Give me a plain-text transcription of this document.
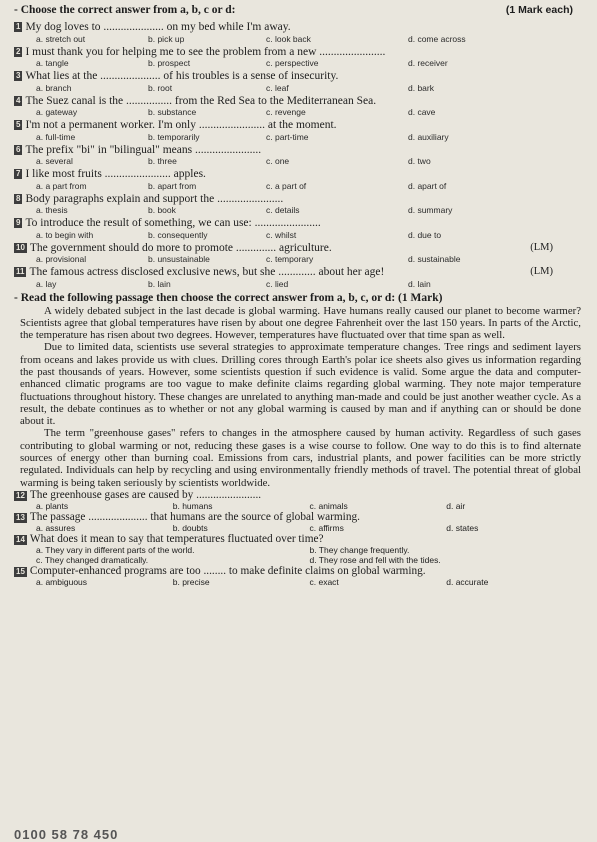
- Choose the correct answer from a, b, c or d:	(1 Mark each)
1 My dog loves to ..................... on my bed while I'm away.
a. stretch out	b. pick up	c. look back	d. come across
2 I must thank you for helping me to see the problem from a new .......................
a. tangle	b. prospect	c. perspective	d. receiver
3 What lies at the ..................... of his troubles is a sense of insecurity.
a. branch	b. root	c. leaf	d. bark
4 The Suez canal is the ................ from the Red Sea to the Mediterranean Sea.
a. gateway	b. substance	c. revenge	d. cave
5 I'm not a permanent worker. I'm only ....................... at the moment.
a. full-time	b. temporarily	c. part-time	d. auxiliary
6 The prefix "bi" in "bilingual" means .......................
a. several	b. three	c. one	d. two
7 I like most fruits ....................... apples.
a. a part from	b. apart from	c. a part of	d. apart of
8 Body paragraphs explain and support the .......................
a. thesis	b. book	c. details	d. summary
9 To introduce the result of something, we can use: .......................
a. to begin with	b. consequently	c. whilst	d. due to
10 The government should do more to promote .............. agriculture.	(LM)
a. provisional	b. unsustainable	c. temporary	d. sustainable
11 The famous actress disclosed exclusive news, but she ............. about her age!	(LM)
a. lay	b. lain	c. lied	d. lain
- Read the following passage then choose the correct answer from a, b, c, or d: (1 Mark)

A widely debated subject in the last decade is global warming. Have humans really caused our planet to become warmer? Scientists agree that global temperatures have risen by about one degree Fahrenheit over the last 150 years. In parts of the Arctic, the temperature has risen about two degrees. However, temperatures have fluctuated over that time span as well.

Due to limited data, scientists use several strategies to approximate temperature changes. Tree rings and sediment layers from oceans and lakes provide us with clues. Drilling cores through Earth's polar ice sheets also gives us information regarding the past thousands of years. However, some scientists question if such evidence is valid. Some argue the data and computer-enhanced climatic programs are too vague to make definite claims regarding global warming. They note major temperature fluctuations throughout history. These changes are unrelated to anything man-made and could be just another weather cycle. As a result, the debate continues as to whether or not any global warming is caused by man and if anything can or should be done about it.

The term "greenhouse gases" refers to changes in the atmosphere caused by human activity. Regardless of such gases contributing to global warming or not, reducing these gases is a wise course to follow. One way to do this is to find alternate sources of energy other than burning coal. Emissions from cars, industrial plants, and power facilities can be more strictly regulated. Individuals can help by recycling and using environmentally friendly methods of travel. The potential threat of global warming is being taken seriously by scientists worldwide.

12 The greenhouse gases are caused by .......................
a. plants	b. humans	c. animals	d. air
13 The passage ..................... that humans are the source of global warming.
a. assures	b. doubts	c. affirms	d. states
14 What does it mean to say that temperatures fluctuated over time?
a. They vary in different parts of the world.	b. They change frequently.
c. They changed dramatically.	d. They rose and fell with the tides.
15 Computer-enhanced programs are too ........ to make definite claims on global warming.
a. ambiguous	b. precise	c. exact	d. accurate
0100 58 78 450
